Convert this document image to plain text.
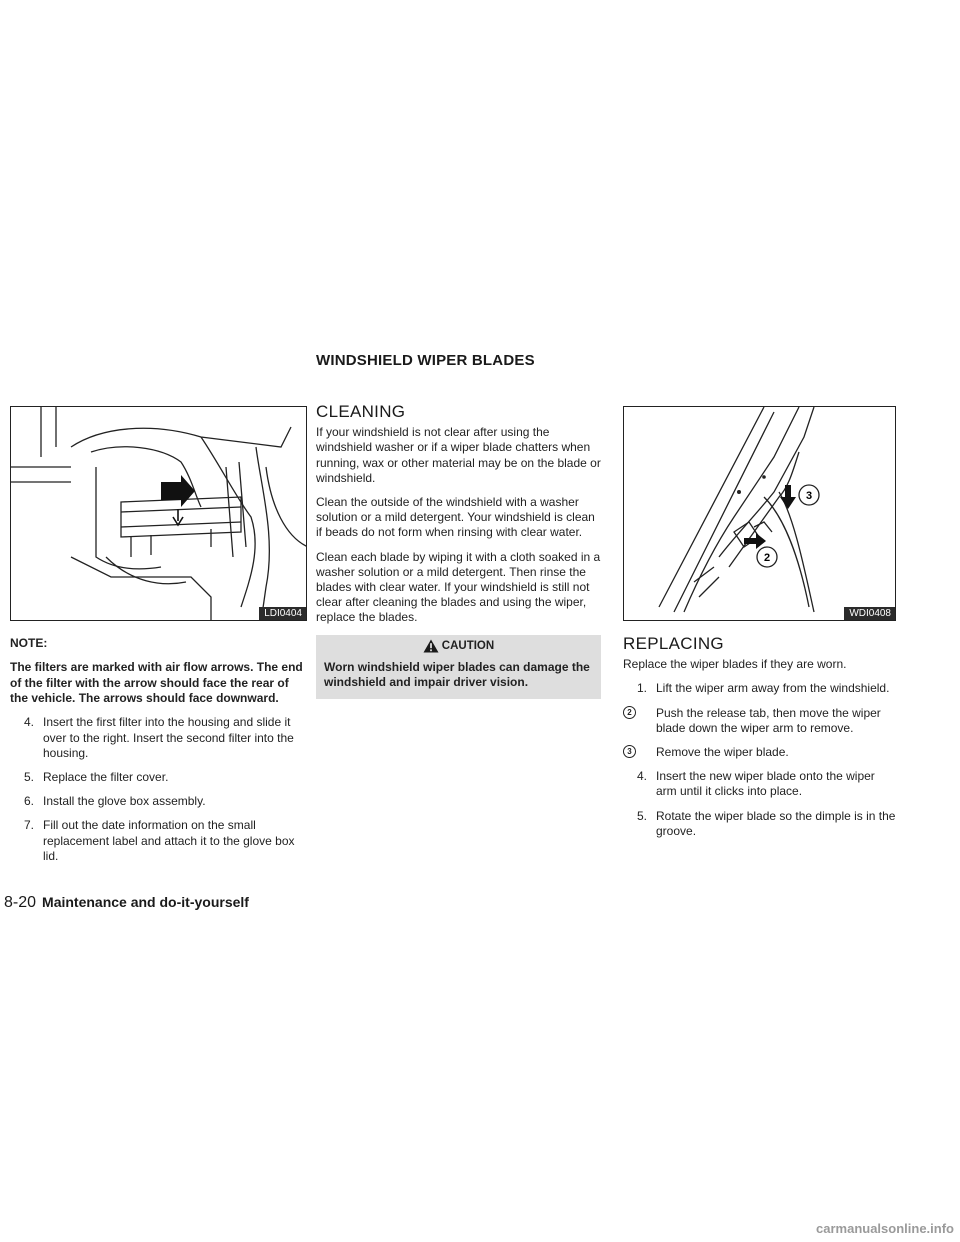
WINDSHIELD WIPER BLADES
LDI0404
3
2
WDI0408
NOTE:
The filters are marked with air flow arrows. The end of the filter with the arrow should face the rear of the vehicle. The arrows should face downward.
4. Insert the first filter into the housing and slide it over to the right. Insert the second filter into the housing.
5. Replace the filter cover.
6. Install the glove box assembly.
7. Fill out the date information on the small replacement label and attach it to the glove box lid.
CLEANING

If your windshield is not clear after using the windshield washer or if a wiper blade chatters when running, wax or other material may be on the blade or windshield.

Clean the outside of the windshield with a washer solution or a mild detergent. Your windshield is clean if beads do not form when rinsing with clear water.

Clean each blade by wiping it with a cloth soaked in a washer solution or a mild detergent. Then rinse the blades with clear water. If your windshield is still not clear after cleaning the blades and using the wiper, replace the blades.

CAUTION
Worn windshield wiper blades can damage the windshield and impair driver vision.
REPLACING

Replace the wiper blades if they are worn.

1. Lift the wiper arm away from the windshield.
2	Push the release tab, then move the wiper blade down the wiper arm to remove.
3	Remove the wiper blade.
4. Insert the new wiper blade onto the wiper arm until it clicks into place.
5. Rotate the wiper blade so the dimple is in the groove.
8-20 Maintenance and do-it-yourself
carmanualsonline.info
